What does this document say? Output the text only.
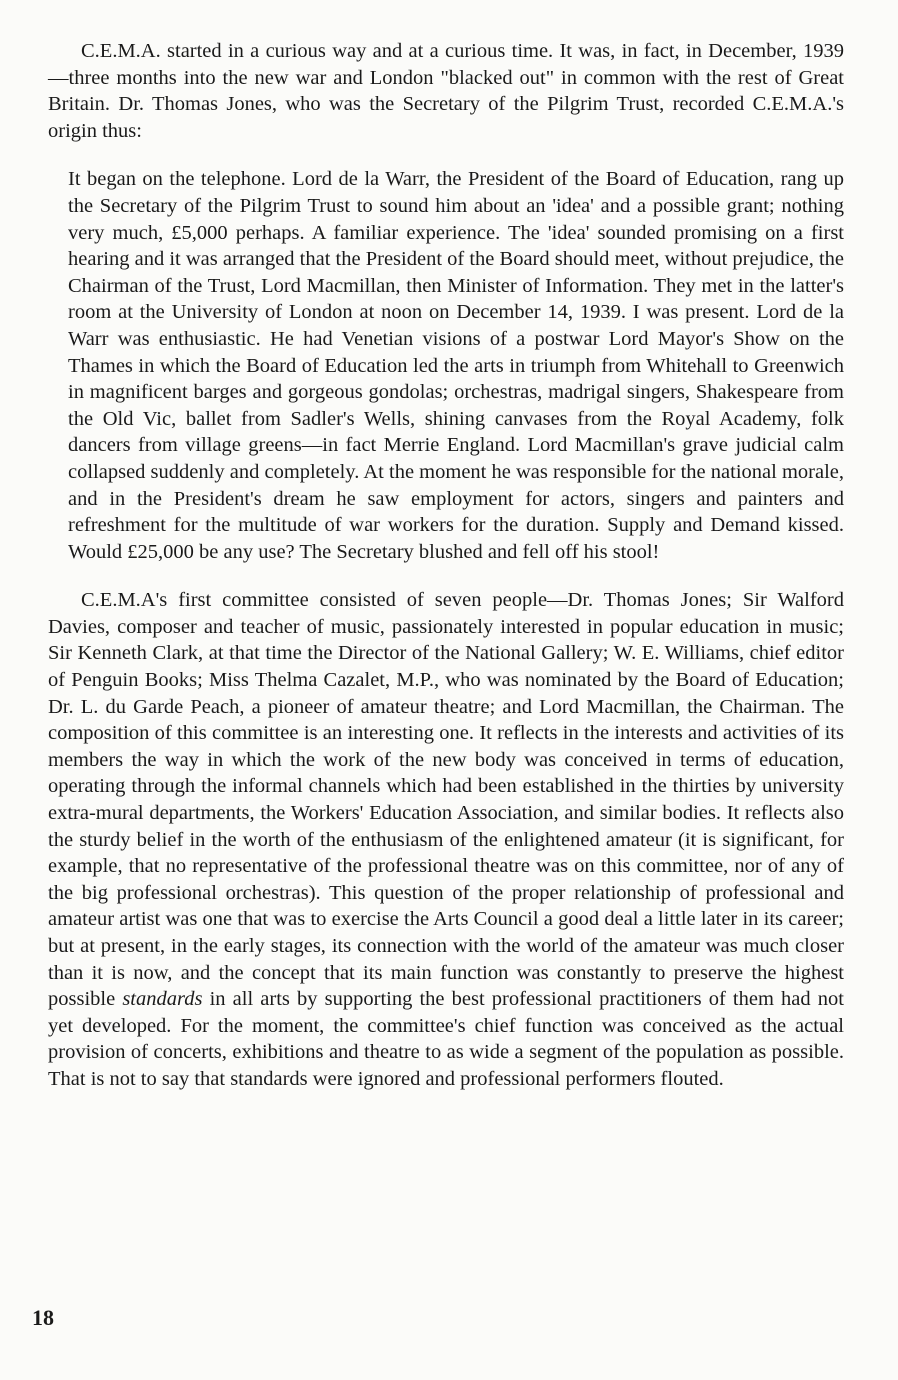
C.E.M.A. started in a curious way and at a curious time. It was, in fact, in December, 1939—three months into the new war and London "blacked out" in common with the rest of Great Britain. Dr. Thomas Jones, who was the Secretary of the Pilgrim Trust, recorded C.E.M.A.'s origin thus:

It began on the telephone. Lord de la Warr, the President of the Board of Education, rang up the Secretary of the Pilgrim Trust to sound him about an 'idea' and a possible grant; nothing very much, £5,000 perhaps. A familiar experience. The 'idea' sounded promising on a first hearing and it was arranged that the President of the Board should meet, without prejudice, the Chairman of the Trust, Lord Macmillan, then Minister of Information. They met in the latter's room at the University of London at noon on December 14, 1939. I was present. Lord de la Warr was enthusiastic. He had Venetian visions of a postwar Lord Mayor's Show on the Thames in which the Board of Education led the arts in triumph from Whitehall to Greenwich in magnificent barges and gorgeous gondolas; orchestras, madrigal singers, Shakespeare from the Old Vic, ballet from Sadler's Wells, shining canvases from the Royal Academy, folk dancers from village greens—in fact Merrie England. Lord Macmillan's grave judicial calm collapsed suddenly and completely. At the moment he was responsible for the national morale, and in the President's dream he saw employment for actors, singers and painters and refreshment for the multitude of war workers for the duration. Supply and Demand kissed. Would £25,000 be any use? The Secretary blushed and fell off his stool!

C.E.M.A's first committee consisted of seven people—Dr. Thomas Jones; Sir Walford Davies, composer and teacher of music, passionately interested in popular education in music; Sir Kenneth Clark, at that time the Director of the National Gallery; W. E. Williams, chief editor of Penguin Books; Miss Thelma Cazalet, M.P., who was nominated by the Board of Education; Dr. L. du Garde Peach, a pioneer of amateur theatre; and Lord Macmillan, the Chairman. The composition of this committee is an interesting one. It reflects in the interests and activities of its members the way in which the work of the new body was conceived in terms of education, operating through the informal channels which had been established in the thirties by university extra-mural departments, the Workers' Education Association, and similar bodies. It reflects also the sturdy belief in the worth of the enthusiasm of the enlightened amateur (it is significant, for example, that no representative of the professional theatre was on this committee, nor of any of the big professional orchestras). This question of the proper relationship of professional and amateur artist was one that was to exercise the Arts Council a good deal a little later in its career; but at present, in the early stages, its connection with the world of the amateur was much closer than it is now, and the concept that its main function was constantly to preserve the highest possible standards in all arts by supporting the best professional practitioners of them had not yet developed. For the moment, the committee's chief function was conceived as the actual provision of concerts, exhibitions and theatre to as wide a segment of the population as possible. That is not to say that standards were ignored and professional performers flouted.

18
